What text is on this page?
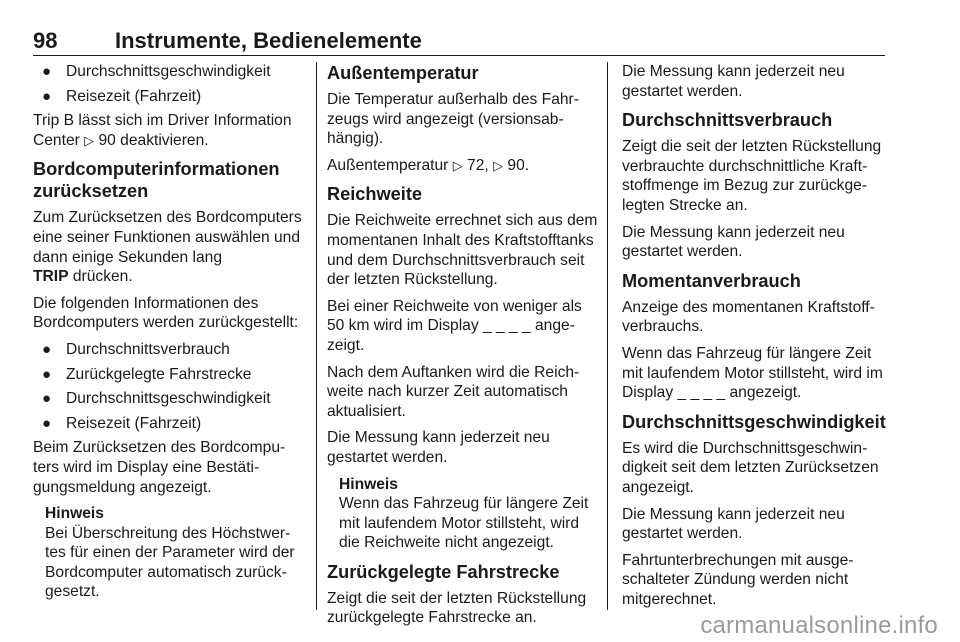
98	Instrumente, Bedienelemente
● Durchschnittsgeschwindigkeit
● Reisezeit (Fahrzeit)

Trip B lässt sich im Driver Information Center ▷ 90 deaktivieren.

Bordcomputerinformationen zurücksetzen

Zum Zurücksetzen des Bordcomputers eine seiner Funktionen auswählen und dann einige Sekunden lang
TRIP drücken.

Die folgenden Informationen des Bordcomputers werden zurückgestellt:

● Durchschnittsverbrauch
● Zurückgelegte Fahrstrecke
● Durchschnittsgeschwindigkeit
● Reisezeit (Fahrzeit)

Beim Zurücksetzen des Bordcomputers wird im Display eine Bestätigungsmeldung angezeigt.

Hinweis
Bei Überschreitung des Höchstwertes für einen der Parameter wird der Bordcomputer automatisch zurückgesetzt.
Außentemperatur

Die Temperatur außerhalb des Fahrzeugs wird angezeigt (versionsabhängig).

Außentemperatur ▷ 72, ▷ 90.

Reichweite

Die Reichweite errechnet sich aus dem momentanen Inhalt des Kraftstofftanks und dem Durchschnittsverbrauch seit der letzten Rückstellung.

Bei einer Reichweite von weniger als 50 km wird im Display _ _ _ _ angezeigt.

Nach dem Auftanken wird die Reichweite nach kurzer Zeit automatisch aktualisiert.

Die Messung kann jederzeit neu gestartet werden.

Hinweis
Wenn das Fahrzeug für längere Zeit mit laufendem Motor stillsteht, wird die Reichweite nicht angezeigt.
Zurückgelegte Fahrstrecke

Zeigt die seit der letzten Rückstellung zurückgelegte Fahrstrecke an.

Die Messung kann jederzeit neu gestartet werden.

Durchschnittsverbrauch

Zeigt die seit der letzten Rückstellung verbrauchte durchschnittliche Kraftstoffmenge im Bezug zur zurückgelegten Strecke an.

Die Messung kann jederzeit neu gestartet werden.

Momentanverbrauch

Anzeige des momentanen Kraftstoffverbrauchs.

Wenn das Fahrzeug für längere Zeit mit laufendem Motor stillsteht, wird im Display _ _ _ _ angezeigt.

Durchschnittsgeschwindigkeit

Es wird die Durchschnittsgeschwindigkeit seit dem letzten Zurücksetzen angezeigt.

Die Messung kann jederzeit neu gestartet werden.

Fahrtunterbrechungen mit ausgeschalteter Zündung werden nicht mitgerechnet.

carmanualsonline.info
